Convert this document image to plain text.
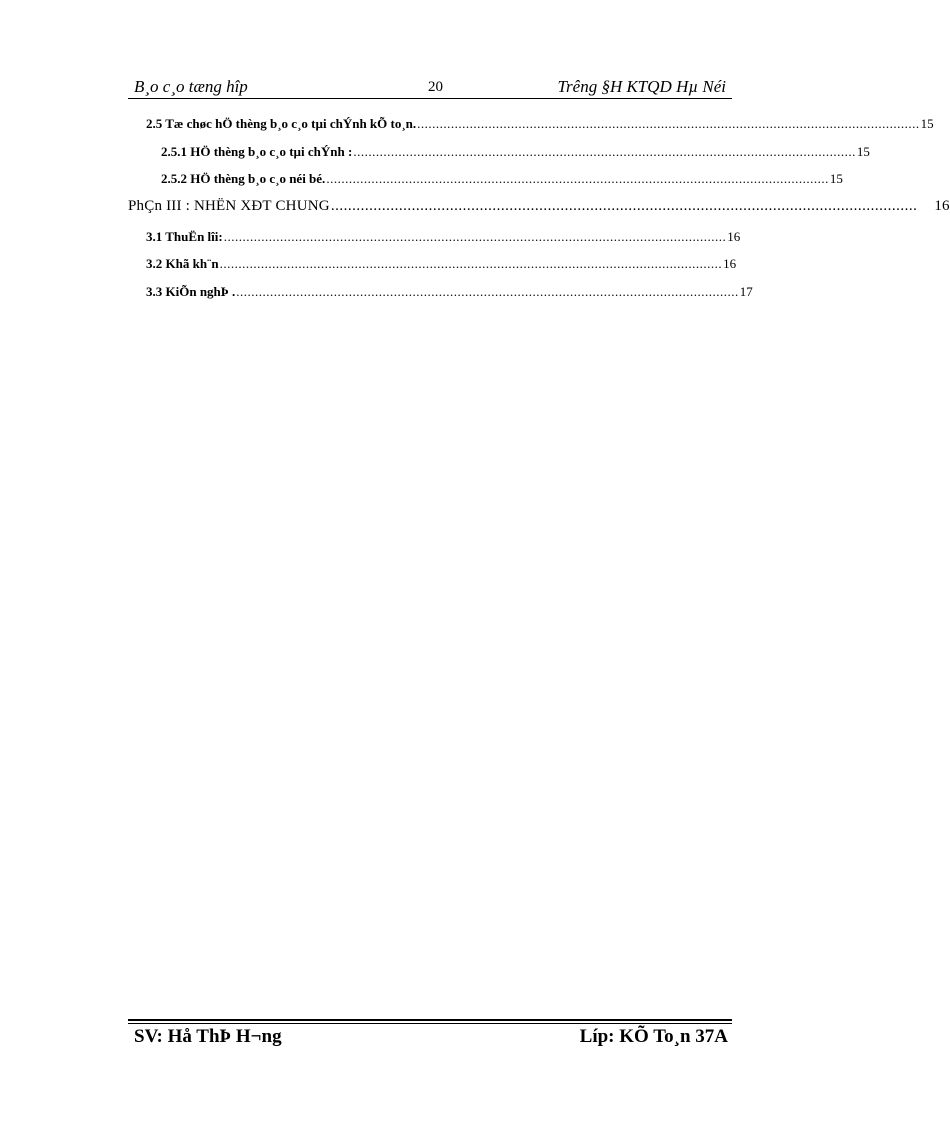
B¸o c¸o tæng hîp	20	Trêng §H KTQD Hµ Néi
2.5 Tæ chøc hÖ thèng b¸o c¸o tµi chÝnh kÕ to¸n. ...................................................................................................................................... 15
2.5.1 HÖ thèng b¸o c¸o tµi chÝnh : ...................................................................................................................................... 15
2.5.2 HÖ thèng b¸o c¸o néi bé. ...................................................................................................................................... 15
PhÇn III : NHËN XÐT CHUNG .......................................................................................................................................... 16
3.1 ThuËn lîi: ...................................................................................................................................... 16
3.2 Khã kh¨n ...................................................................................................................................... 16
3.3 KiÕn nghÞ . ...................................................................................................................................... 17
SV: Hå ThÞ H¬ng	Líp: KÕ To¸n 37A
